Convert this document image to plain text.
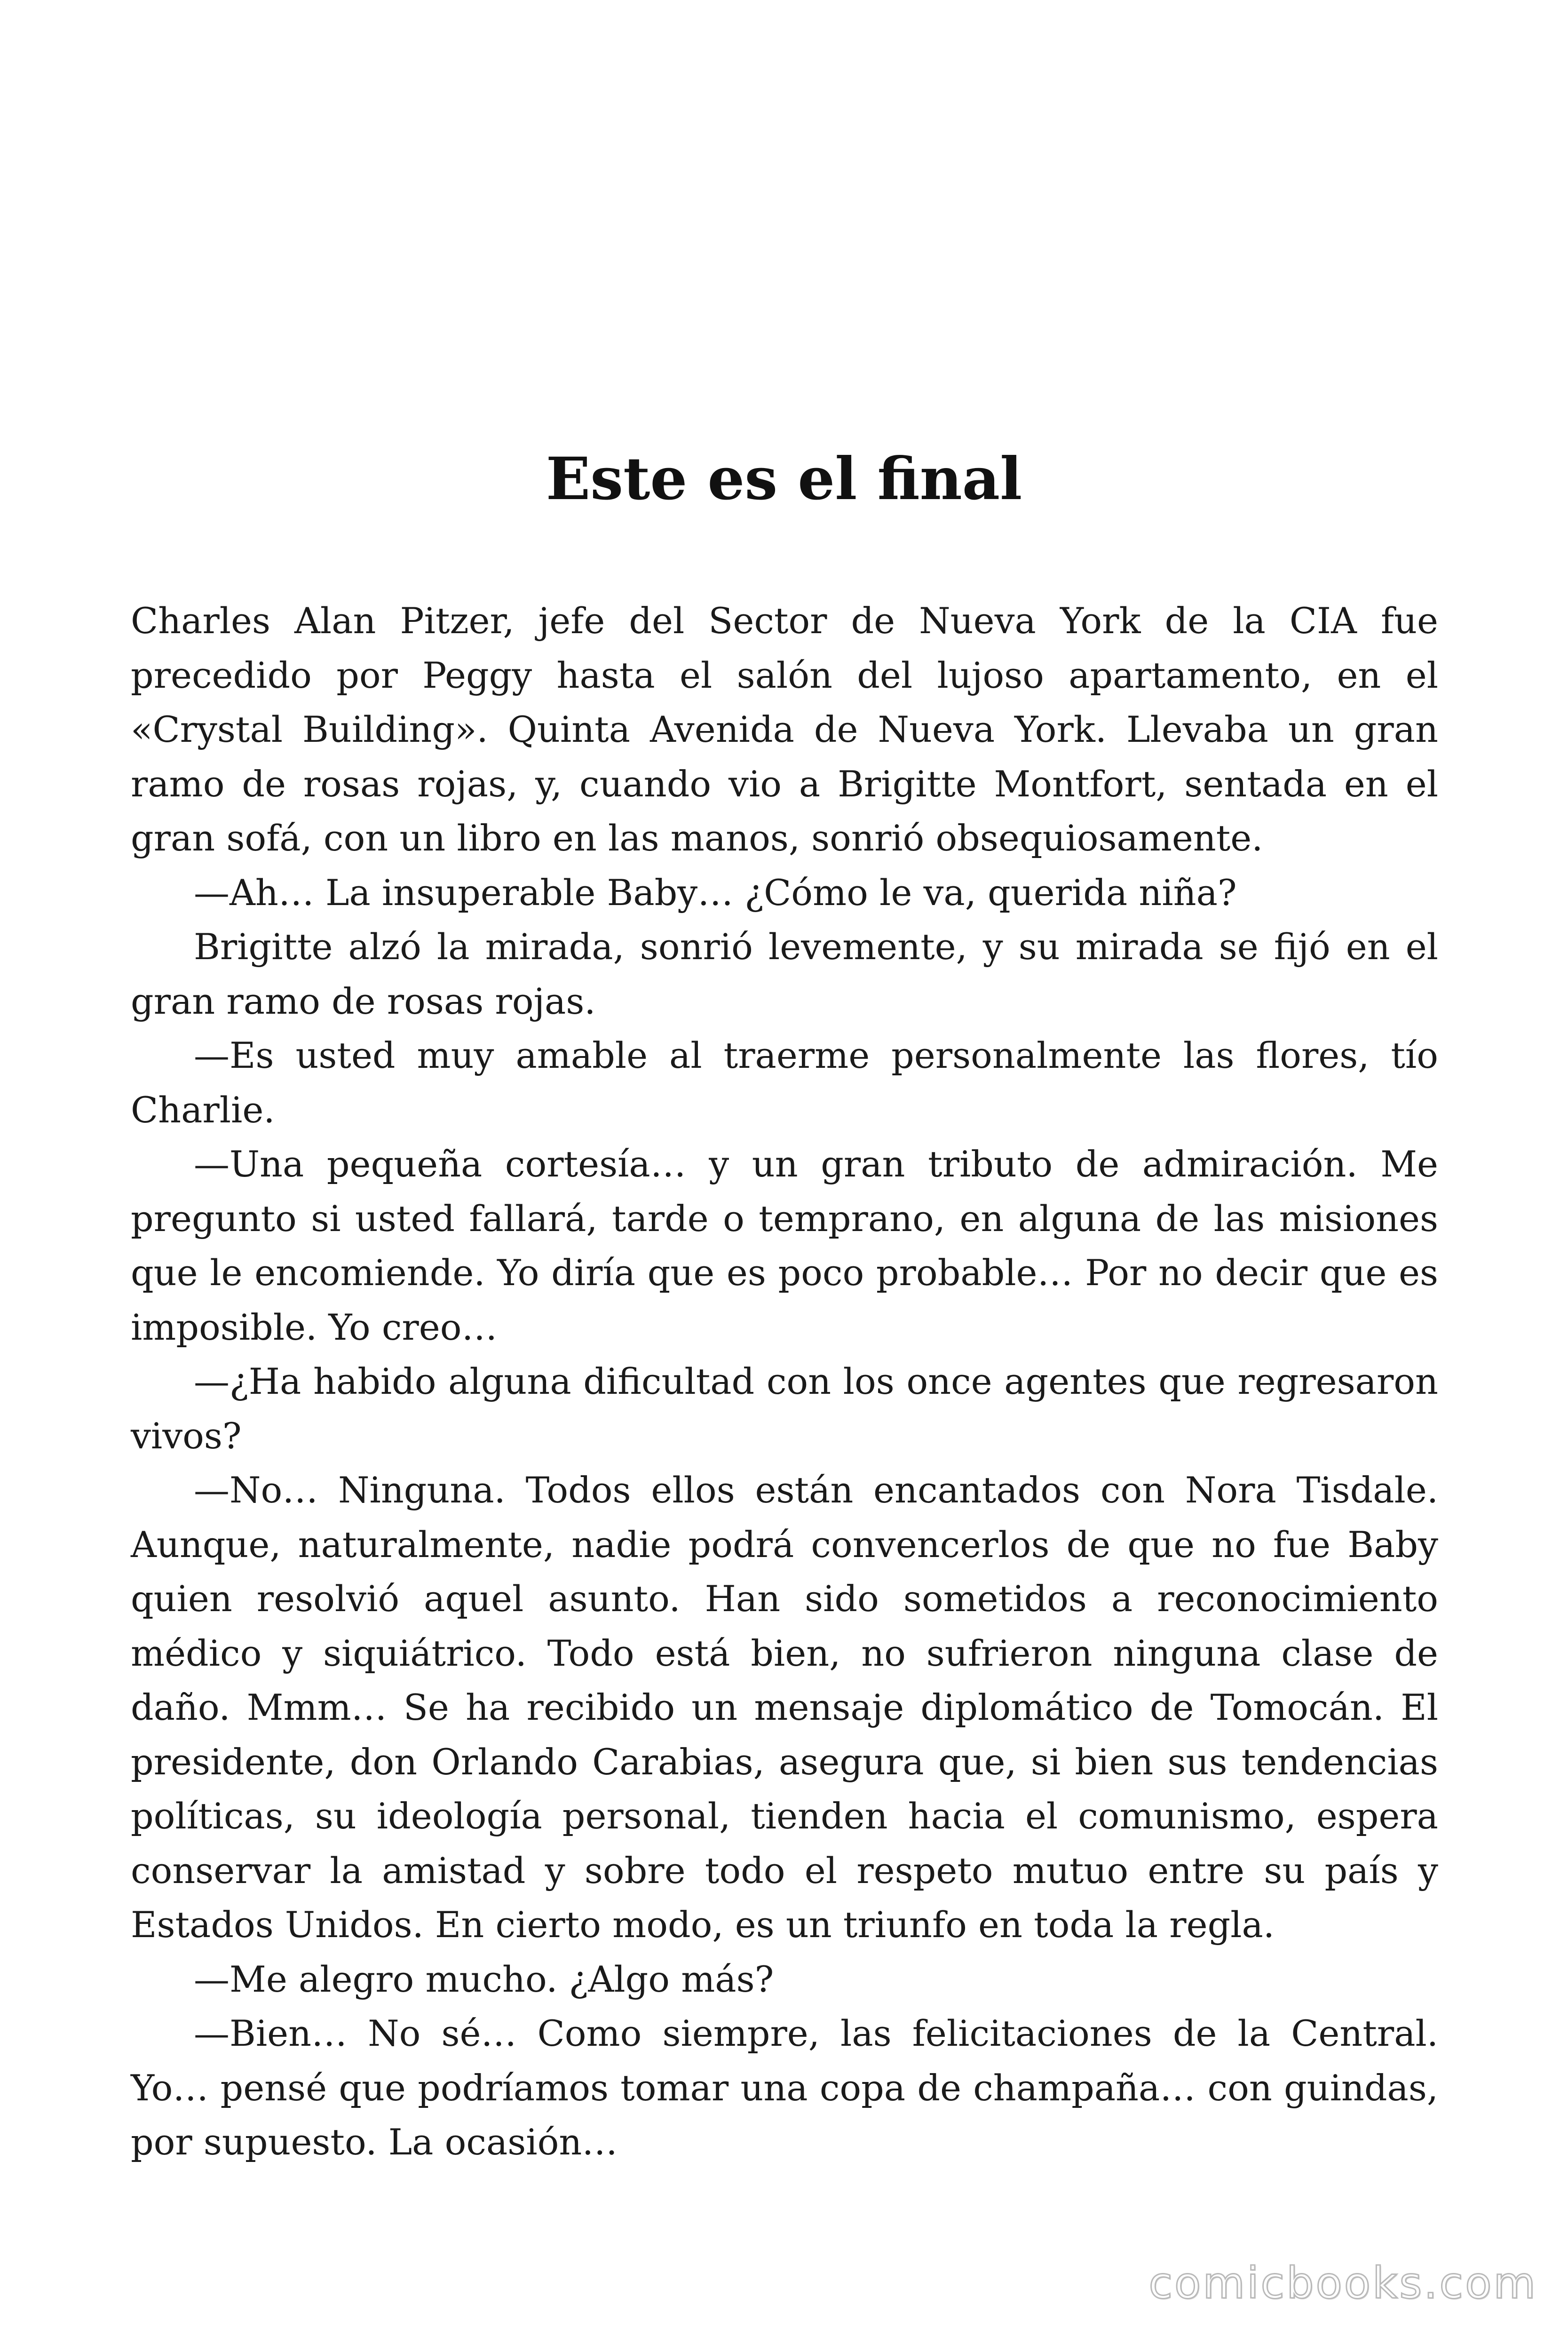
Este es el final

Charles Alan Pitzer, jefe del Sector de Nueva York de la CIA fue precedido por Peggy hasta el salón del lujoso apartamento, en el «Crystal Building». Quinta Avenida de Nueva York. Llevaba un gran ramo de rosas rojas, y, cuando vio a Brigitte Montfort, sentada en el gran sofá, con un libro en las manos, sonrió obsequiosamente.

—Ah… La insuperable Baby… ¿Cómo le va, querida niña?

Brigitte alzó la mirada, sonrió levemente, y su mirada se fijó en el gran ramo de rosas rojas.

—Es usted muy amable al traerme personalmente las flores, tío Charlie.

—Una pequeña cortesía… y un gran tributo de admiración. Me pregunto si usted fallará, tarde o temprano, en alguna de las misiones que le encomiende. Yo diría que es poco probable… Por no decir que es imposible. Yo creo…

—¿Ha habido alguna dificultad con los once agentes que regresaron vivos?

—No… Ninguna. Todos ellos están encantados con Nora Tisdale. Aunque, naturalmente, nadie podrá convencerlos de que no fue Baby quien resolvió aquel asunto. Han sido sometidos a reconocimiento médico y siquiátrico. Todo está bien, no sufrieron ninguna clase de daño. Mmm… Se ha recibido un mensaje diplomático de Tomocán. El presidente, don Orlando Carabias, asegura que, si bien sus tendencias políticas, su ideología personal, tienden hacia el comunismo, espera conservar la amistad y sobre todo el respeto mutuo entre su país y Estados Unidos. En cierto modo, es un triunfo en toda la regla.

—Me alegro mucho. ¿Algo más?

—Bien… No sé… Como siempre, las felicitaciones de la Central. Yo… pensé que podríamos tomar una copa de champaña… con guindas, por supuesto. La ocasión…

comicbooks.com
